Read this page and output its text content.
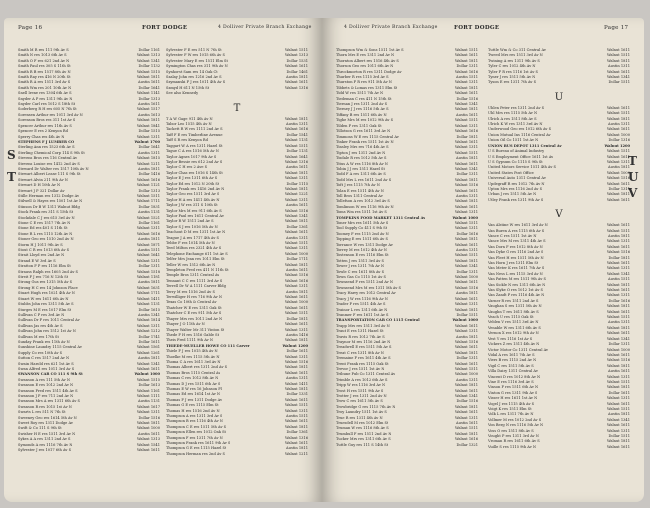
Page 16	FORT DODGE	4 Dolliver Private Branch Exchange
Smith M R res 111 9th Av S	Dollar 1161
Smith N res 1013 6th Av S	Walnut 1313
Smith O F res 621 2nd Av N	Walnut 1341
Smith Paul res 305 S 11th St	Dollar 1132
Smith R B res 1517 8th Av N	Walnut 1515
Smith Ray res 416 N 20th St	Walnut 1811
Smith R A res 1511 3rd Av S	Austin 1611
Smith Wm res 201 10th Av N	Dollar 1641
Snell Irene res 1304 6th Av S	Walnut 1141
Snyder A P res 1311 9th Av N	Dollar 1313
Snyder Carl res 1012 S 18th St	Austin 1611
Soderberg R H res 605 N 7th St	Walnut 1517
Sorensen Arthur res 1011 3rd Av N	Austin 1613
Sorenson Bros res 311 1st Av S	Walnut 1811
Spencer Arthur res 11th Av S	Walnut 1841
Spencer E res 2 Kenyon Rd	Dollar 1515
Sperry Chas res 4th Av N	Walnut 1311
STEPHENS F J LUMBER CO	Walnut 1700
Sterling Ann res 1523 6th Av S	Dollar 1641
Sterling Chemical Corp 114 S 9th St	Austin 1311
Stevens Bros res 116 Central Av	Walnut 1815
Stevens Louise res 1412 2nd Av S	Walnut 1211
Steward Dr Walter res 1517 10th Av N	Austin 1811
Stewart Albert Lease 111 S 9th St	Dollar 1416
Stewart Alvin 211 9th Av N	Walnut 1616
Stewart D H 10th Av N	Walnut 1121
Stewart J P 321 Dollar Av	Dollar 1313
Stille Herman res 1312 Dodge Av	Walnut 1511
Stilwell & Hayes res 1501 1st Av N	Walnut 1711
Stinson Dr B W 1311 Walnut Bldg	Dollar 1831
Stock Frank res 311 S 15th St	Austin 1131
Stockdale C J res 615 3rd Av N	Walnut 1521
Stone C E res 1517 7th Av N	Dollar 1161
Stone Ed res 401 S 11th St	Walnut 1311
Stone R L res 1115 12th Av N	Walnut 1616
Stoner Geo res 1510 2nd Av N	Austin 1811
Storm H J 1011 9th Av S	Walnut 1871
Stout C R res 1013 6th Av S	Austin 1511
Strait Lloyd res 2nd Av N	Walnut 1641
Strand E W 3rd Av S	Walnut 1311
Stratton F P res 1116 Elm St	Dollar 1311
Strauss Ralph res 1605 2nd Av S	Walnut 1518
Streit F J res 716 N 12th St	Walnut 1181
Strong Gus res 1315 5th Av S	Austin 1811
Strong H C res 14 Johnson Place	Walnut 1631
Stuart Hugh res 1021 4th Av N	Walnut 1711
Stuart W res 1611 6th Av N	Walnut 1411
Stubbs John res 1311 5th Av S	Walnut 1131
Sturges M E res 1017 Elm St	Dollar 1615
Sullivan C P res 3rd Av N	Austin 1341
Sullivan Dr F res 1011 Central Av	Walnut 1814
Sullivan Jas res 4th Av S	Walnut 1311
Sullivan John res 1512 1st Av N	Walnut 1212
Sullivan M res 17th St	Dollar 1741
Sunday Frank res 11th Av N	Dollar 1611
Sunshine Laundry 1115 Central Av	Walnut 1561
Supply Co res 10th Av S	Walnut 1261
Sutton C res 1517 2nd Av N	Austin 1811
Swain Harold res 621 1st Av S	Walnut 1341
Swan Alfred res 1011 3rd Av S	Walnut 1611
SWANSON CAR CO 111 S 9th St	Walnut 1000
Swanson A res 111 5th Av N	Walnut 1515
Swanson E res 1012 2nd Av N	Dollar 1613
Swanson Fred res 1511 4th Av S	Walnut 1161
Swanson J P res 711 2nd Av N	Walnut 1111
Swanson Mrs A res 1311 6th Av S	Austin 1131
Swanson R res 1015 1st Av N	Walnut 1617
Swarts L res 511 N 7th St	Walnut 1311
Sweeney Geo res 1614 5th Av N	Dollar 1516
Sweet Roy res 1311 Dodge Av	Walnut 1811
Swift & Co 111 S 9th St	Walnut 1000
Swisher H E res 1511 3rd Av N	Austin 1611
Sykes A A res 1311 2nd Av S	Walnut 1313
Symonds A res 1116 7th Av N	Walnut 1541
Sylvester J res 1017 6th Av S	Walnut 1611
Sylvester F E res 511 N 7th St	Walnut 1511
Sylvester F W res 1015 6th Av S	Walnut 1313
Sylvester Mary E res 1511 Elm St	Dollar 1531
Symington Chas res 311 9th Av N	Walnut 1611
Synhorst Sam res 14 Oak Ct	Dollar 1461
Szalay John res 1216 2nd Av S	Austin 1811
Szymanski F J res 1011 4th Av S	Walnut 1611
Szmyd H 611 N 15th St	Walnut 1316
See also Kennedy
T
T A W Gage 911 4th Av N	Walnut 1811
Tabor Leo 1515 4th Av N	Austin 1311
Tackett R W res 1111 2nd Av S	Walnut 1616
Taff F E res Timberline Avenue	Dollar 1541
Taff S R res Kenyon Rd	Walnut 1131
Taggart W A res 1311 Hazel St	Walnut 1511
Tague C A res 1516 5th Av N	Dollar 1131
Taylor Agnes 1017 9th Av S	Walnut 1641
Taylor Bessie res 612 2nd Av S	Walnut 1316
Taylor C H res 2 Ave S	Austin 1611
Taylor Chas res 1016 S 14th St	Walnut 1811
Taylor E J res 1311 6th Av S	Walnut 1311
Taylor Ed res 1012 N 20th St	Dollar 1115
Taylor Frank res 1416 2nd Av N	Walnut 1811
Taylor Geo res 1511 3rd Av S	Walnut 1221
Taylor H A res 1411 4th Av N	Walnut 1311
Taylor J W res 311 S 10th St	Austin 1611
Taylor Mrs M res 911 6th Av S	Walnut 1516
Taylor Paul res 1611 Central Av	Walnut 1341
Taylor R W 1511 2nd Av S	Walnut 1811
Taylor S J res 1016 5th Av N	Dollar 1361
Teachout D M res 1311 1st Av N	Walnut 1611
Teague J A res 1717 4th Av S	Austin 1311
Tebbe F res 1014 5th Av N	Walnut 1511
Teed Milton res 2321 4th Av S	Walnut 1311
Telephone Exchange 611 1st Av S	Walnut 1000
Telfer Mrs Jean res 1011 Elm St	Dollar 1711
Teller W res 1512 6th Av N	Walnut 1811
Templeton Fred res 411 N 11th St	Austin 1611
Temple Bros 1311 Central Av	Walnut 1516
Tennant C C res 1111 3rd Av S	Walnut 1616
Terrell Dr W A 1111 Carver Bldg	Walnut 1311
Terry M res 1516 2nd Av S	Austin 1811
Terwilliger H res 716 9th Av N	Walnut 1611
Texas Co 10th & Central Av	Walnut 1000
Thatcher W E res 1311 Oak St	Walnut 1611
Thatcher C E res 911 5th Av S	Walnut 1511
Thayer Mrs res 1011 2nd Av N	Dollar 1811
Thayer J O 11th Av N	Walnut 1611
Thayer Walter Mr 311 Vinton St	Walnut 1311
Thede F H res 1516 Gable St	Austin 1416
Theis Fred 1111 9th Av N	Walnut 1811
THIEDE-MUELLER HOWE CO 111 Carver	Walnut 1200
Thiele F J res 1015 4th Av N	Dollar 1611
Thoelke M res 1115 5th Av N	Walnut 1311
Thoma C A res 1611 3rd Av N	Walnut 1516
Thomas Albert res 1311 2nd Av S	Walnut 1811
Thomas Bros 1115 Central Av	Walnut 1611
Thomas C res 1012 8th Av N	Austin 1311
Thomas D J res 1511 6th Av S	Walnut 1411
Thomas E W res 16 Johnson Pl	Walnut 1811
Thomas Ed res 1614 1st Av N	Dollar 1331
Thomas F J res 1311 Dodge Av	Walnut 1611
Thomas G E res 1115 Elm St	Walnut 1511
Thomas H res 1516 2nd Av N	Walnut 1311
Thompson A res 1311 3rd Av S	Austin 1511
Thompson B res 1116 4th Av N	Walnut 1611
Thompson C E res 1511 5th Av S	Walnut 1811
Thompson Ellen res 1012 Oak St	Dollar 1361
Thompson F res 1311 7th Av N	Walnut 1316
Thompson Frank res 1611 9th Av S	Walnut 1611
Thompson G E res 1115 Hazel St	Austin 1811
Thompson Herman res 2nd Av S	Walnut 1211
S
T
4 Dolliver Private Branch Exchange	FORT DODGE	Page 17
Thompson Wm & Sons 1511 1st Av S	Walnut 1511
Thorn Mrs E res 1311 2nd Av N	Walnut 1611
Thornton Albert res 1516 4th Av S	Walnut 1811
Thorson Geo res 1011 6th Av N	Dollar 1311
Throckmorton R res 1311 Dodge Av	Walnut 1616
Thurber R res 1115 3rd Av S	Austin 1511
Thurston F R res 911 5th Av N	Walnut 1311
Tibbets & Lomas res 1311 Elm St	Walnut 1811
Tidd W res 1511 7th Av N	Walnut 1611
Tiedeman C res 411 N 15th St	Dollar 1516
Tiernan J res 1311 2nd Av S	Walnut 1341
Tierney J J res 1116 5th Av S	Walnut 1811
Tiffany B res 1511 6th Av N	Austin 1611
Tighe Mrs M res 1012 9th Av S	Walnut 1511
Tilden F res 1311 Oak St	Walnut 1311
Tillotson G res 1611 3rd Av N	Walnut 1616
Timmons W E res 1115 Central Av	Dollar 1811
Tinker Frank res 1511 1st Av N	Walnut 1611
Tinsley Mrs res 716 4th Av S	Walnut 1311
Tipton J res 1311 2nd Av N	Walnut 1511
Tisdale R res 1012 5th Av S	Austin 1811
Titus A W res 1116 8th Av N	Walnut 1611
Tobin J J res 1511 Hazel St	Walnut 1341
Todd F A res 1311 6th Av S	Dollar 1311
Todd Mrs L res 1611 2nd Av S	Walnut 1811
Toft J res 1115 7th Av N	Walnut 1516
Tolan E res 1511 4th Av N	Walnut 1611
Toll Bros 1311 Central Av	Austin 1311
Tollefson A res 1012 3rd Av S	Walnut 1811
Tomlinson W res 1116 9th Av N	Walnut 1611
Toms Wm res 1511 1st Av S	Walnut 1311
TOMPKINS FOOD MARKET 1311 Central Av	Walnut 1000
Toner Mrs res 1611 5th Av S	Walnut 1511
Tool Supply Co 411 S 9th St	Walnut 1311
Toomey F res 1115 2nd Av N	Dollar 1616
Topping E res 1511 6th Av S	Walnut 1811
Torrance W res 1311 Dodge Av	Walnut 1611
Torrey M res 1012 4th Av N	Austin 1311
Tostenson E res 1116 Elm St	Walnut 1511
Totten J res 1511 3rd Av S	Walnut 1811
Tower J res 1311 7th Av N	Walnut 1341
Towle C res 1611 8th Av S	Dollar 1311
Town Gas Co 1115 1st Av S	Walnut 1000
Townsend F res 1511 2nd Av N	Walnut 1611
Townsend Mrs M res 1311 5th Av S	Walnut 1516
Tracy Harry res 1012 Central Av	Austin 1811
Tracy J W res 1116 9th Av N	Walnut 1611
Trader P res 1511 4th Av S	Walnut 1311
Trainor L res 1311 6th Av N	Walnut 1811
Tranmer F res 1611 1st Av S	Dollar 1511
TRANSPORTATION CAB CO 1115 Central	Walnut 1000
Trapp Mrs res 1511 3rd Av N	Walnut 1611
Traut E res 1311 Hazel St	Walnut 1311
Travis R res 1012 7th Av S	Austin 1811
Traynor M res 1116 2nd Av N	Walnut 1516
Treadwell E res 1511 5th Av S	Walnut 1611
Treat C res 1311 8th Av N	Walnut 1811
Tremaine F res 1611 4th Av S	Dollar 1311
Trent Frank res 1115 Oak St	Walnut 1611
Trevor J res 1511 1st Av N	Walnut 1511
Tribune Pub Co 1311 Central Av	Walnut 1000
Trimble A res 1012 6th Av S	Austin 1311
Tripp W res 1116 3rd Av N	Walnut 1811
Trost H res 1511 9th Av S	Walnut 1611
Trotter J res 1311 2nd Av N	Walnut 1341
Trow C res 1611 5th Av S	Dollar 1516
Trowbridge G res 1115 7th Av N	Walnut 1811
Troy Laundry 1511 1st Av S	Walnut 1611
True R res 1311 4th Av N	Walnut 1311
Truesdell M res 1012 Elm St	Austin 1611
Truman W res 1116 8th Av S	Walnut 1511
Trumbull F res 1511 2nd Av N	Walnut 1811
Tucker Mrs res 1311 6th Av S	Walnut 1616
Tuttle Guy res 111 S 14th St	Dollar 1321
Tuttle Wm & Co 311 Central Av	Walnut 1611
Tweed Mrs res 1511 3rd Av N	Walnut 1511
Twining A res 1311 9th Av S	Walnut 1811
Tyler C res 1012 4th Av N	Austin 1311
Tyler F R res 1116 1st Av S	Walnut 1611
Tyner J res 1511 5th Av N	Walnut 1341
Tyson E res 1311 7th Av S	Dollar 1511
U
Uhlen Peter res 1311 2nd Av S	Walnut 1611
Uhl Mrs res 1115 5th Av N	Walnut 1511
Ulrich A res 1511 8th Av S	Walnut 1811
Ulrich K W res 1311 3rd Av N	Austin 1311
Underwood Geo res 1012 6th Av S	Walnut 1611
Union Mutual Ins 1116 Central Av	Walnut 1000
Union Oil Co 1511 1st Av N	Dollar 1316
UNION BUS DEPOT 1311 Central Av	Walnut 1200
U S Bureau of Animal Industry	Walnut 1511
U S Employment Office 1611 1st Av	Walnut 1611
U S Gypsum Co 1115 S 9th St	Walnut 1311
United Motors Service 1511 4th Av S	Austin 1811
United States Post Office	Walnut 1000
Universal Auto 1311 Central Av	Walnut 1516
Updegraff R res 1012 7th Av N	Walnut 1611
Upton Mrs res 1116 2nd Av S	Dollar 1311
Urban J res 1511 5th Av N	Walnut 1811
Utley Frank res 1311 9th Av S	Walnut 1611
V
Van Alstine W res 1611 3rd Av N	Walnut 1611
Van Buren A res 1115 6th Av S	Walnut 1511
Vance C res 1511 1st Av N	Austin 1811
Vance Mrs M res 1311 4th Av S	Walnut 1311
Van Dorn F res 1012 8th Av N	Walnut 1611
Van Dyke G res 1116 2nd Av S	Walnut 1516
Van Fleet H res 1511 5th Av N	Dollar 1811
Van Horn J res 1311 Elm St	Walnut 1611
Van Meter K res 1611 7th Av S	Walnut 1311
Van Ness L res 1115 3rd Av N	Walnut 1341
Van Patten M res 1511 9th Av S	Austin 1511
Van Sickle N res 1311 6th Av N	Walnut 1811
Van Slyke O res 1012 1st Av S	Walnut 1611
Van Zandt P res 1116 4th Av N	Walnut 1311
Varner R res 1511 2nd Av S	Dollar 1616
Vaughan S res 1311 5th Av N	Walnut 1811
Vaughn T res 1611 8th Av S	Walnut 1611
Veach U res 1115 Oak St	Walnut 1511
Veblen V res 1511 3rd Av N	Austin 1311
Venable W res 1311 6th Av S	Walnut 1811
Vernon X res 1012 9th Av N	Walnut 1611
Vest Y res 1116 1st Av S	Walnut 1341
Vickers Z res 1511 4th Av N	Dollar 1311
Victor Motor Co 1311 Central Av	Walnut 1000
Vidal A res 1611 7th Av S	Walnut 1611
Viers B res 1115 2nd Av N	Walnut 1516
Vigil C res 1511 5th Av S	Walnut 1811
Villa Dairy 1311 Central Av	Austin 1611
Vincent D res 1012 8th Av N	Walnut 1311
Vine E res 1116 3rd Av S	Walnut 1511
Vinson F res 1511 6th Av N	Walnut 1811
Vinton G res 1311 9th Av S	Dollar 1611
Visser H res 1611 1st Av N	Walnut 1311
Vogel J res 1115 4th Av S	Walnut 1611
Voigt K res 1511 Elm St	Walnut 1511
Volk L res 1311 7th Av N	Austin 1811
Vollmer M res 1012 2nd Av S	Walnut 1341
Von Berg N res 1116 5th Av N	Walnut 1611
Voss O res 1511 8th Av S	Walnut 1311
Vought P res 1311 3rd Av N	Dollar 1511
Vroman R res 1611 6th Av S	Walnut 1811
Vuille S res 1115 9th Av N	Walnut 1611
T
U
V
